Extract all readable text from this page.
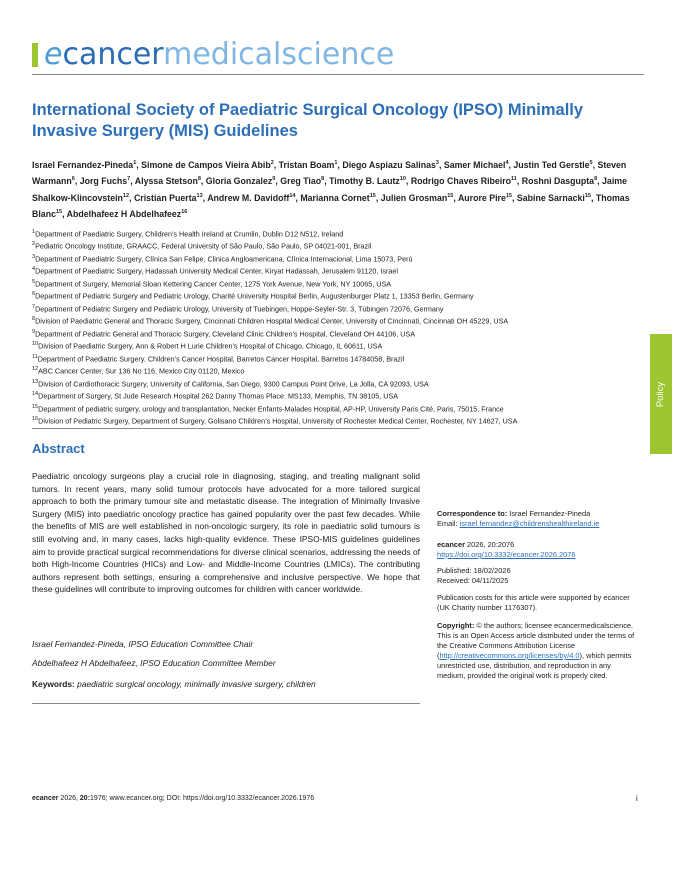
ecancermedicalscience
International Society of Paediatric Surgical Oncology (IPSO) Minimally Invasive Surgery (MIS) Guidelines
Israel Fernandez-Pineda$^1$, Simone de Campos Vieira Abib$^2$, Tristan Boam$^1$, Diego Aspiazu Salinas$^3$, Samer Michael$^4$, Justin Ted Gerstle$^5$, Steven Warmann$^6$, Jorg Fuchs$^7$, Alyssa Stetson$^8$, Gloria Gonzalez$^9$, Greg Tiao$^8$, Timothy B. Lautz$^{10}$, Rodrigo Chaves Ribeiro$^{11}$, Roshni Dasgupta$^8$, Jaime Shalkow-Klincovstein$^{12}$, Cristian Puerta$^{13}$, Andrew M. Davidoff$^{14}$, Marianna Cornet$^{15}$, Julien Grosman$^{15}$, Aurore Pire$^{15}$, Sabine Sarnacki$^{15}$, Thomas Blanc$^{15}$, Abdelhafeez H Abdelhafeez$^{16}$
$^1$Department of Paediatric Surgery, Children’s Health Ireland at Crumlin, Dublin D12 N512, Ireland
$^2$Pediatric Oncology Institute, GRAACC, Federal University of São Paulo, São Paulo, SP 04021-001, Brazil
$^3$Department of Paediatric Surgery, Clínica San Felipe, Clinica Angloamericana, Clínica Internacional, Lima 15073, Perú
$^4$Department of Paediatric Surgery, Hadassah University Medical Center, Kiryat Hadassah, Jerusalem 91120, Israel
$^5$Department of Surgery, Memorial Sloan Kettering Cancer Center, 1275 York Avenue, New York, NY 10065, USA
$^6$Department of Pediatric Surgery and Pediatric Urology, Charité University Hospital Berlin, Augustenburger Platz 1, 13353 Berlin, Germany
$^7$Department of Pediatric Surgery and Pediatric Urology, University of Tuebingen, Hoppe-Seyler-Str. 3, Tübingen 72076, Germany
$^8$Division of Paediatric General and Thoracic Surgery, Cincinnati Children Hospital Medical Center, University of Cincinnati, Cincinnati OH 45229, USA
$^9$Department of Pediatric General and Thoracic Surgery, Cleveland Clinic Children’s Hospital, Cleveland OH 44106, USA
$^{10}$Division of Paediatric Surgery, Ann & Robert H Lurie Children’s Hospital of Chicago, Chicago, IL 60611, USA
$^{11}$Department of Paediatric Surgery. Children’s Cancer Hospital, Barretos Cancer Hospital, Barretos 14784058, Brazil
$^{12}$ABC Cancer Center, Sur 136 No 116, Mexico City 01120, Mexico
$^{13}$Division of Cardiothoracic Surgery, University of California, San Diego, 9300 Campus Point Drive, La Jolla, CA 92093, USA
$^{14}$Department of Surgery, St Jude Research Hospital 262 Danny Thomas Place. MS133, Memphis, TN 38105, USA
$^{15}$Department of pediatric surgery, urology and transplantation, Necker Enfants-Malades Hospital, AP-HP, University Paris Cité, Paris, 75015, France
$^{16}$Division of Pediatric Surgery, Department of Surgery, Golisano Children’s Hospital, University of Rochester Medical Center, Rochester, NY 14627, USA
Policy
Abstract

Paediatric oncology surgeons play a crucial role in diagnosing, staging, and treating malignant solid tumors. In recent years, many solid tumour protocols have advocated for a more tailored surgical approach to both the primary tumour site and metastatic disease. The integration of Minimally Invasive Surgery (MIS) into paediatric oncology practice has gained popularity over the past few decades. While the benefits of MIS are well established in non-oncologic surgery, its role in paediatric solid tumours is still evolving and, in many cases, lacks high-quality evidence. These IPSO-MIS guidelines guidelines aim to provide practical surgical recommendations for diverse clinical scenarios, addressing the needs of both High-Income Countries (HICs) and Low- and Middle-Income Countries (LMICs). The contributing authors represent both settings, ensuring a comprehensive and inclusive perspective. We hope that these guidelines will contribute to improving outcomes for children with cancer worldwide.

Israel Fernandez-Pineda, IPSO Education Committee Chair

Abdelhafeez H Abdelhafeez, IPSO Education Committee Member

Keywords: paediatric surgical oncology, minimally invasive surgery, children

Correspondence to: Israel Fernandez-Pineda
Email: israel.fernandez@childrenshealthireland.ie

ecancer 2026, 20:2076
https://doi.org/10.3332/ecancer.2026.2076

Published: 18/02/2026
Received: 04/11/2025

Publication costs for this article were supported by ecancer (UK Charity number 1176307).

Copyright: © the authors; licensee ecancermedicalscience. This is an Open Access article distributed under the terms of the Creative Commons Attribution License (http://creativecommons.org/licenses/by/4.0), which permits unrestricted use, distribution, and reproduction in any medium, provided the original work is properly cited.

ecancer 2026, 20:1976; www.ecancer.org; DOI: https://doi.org/10.3332/ecancer.2026.1976	i
